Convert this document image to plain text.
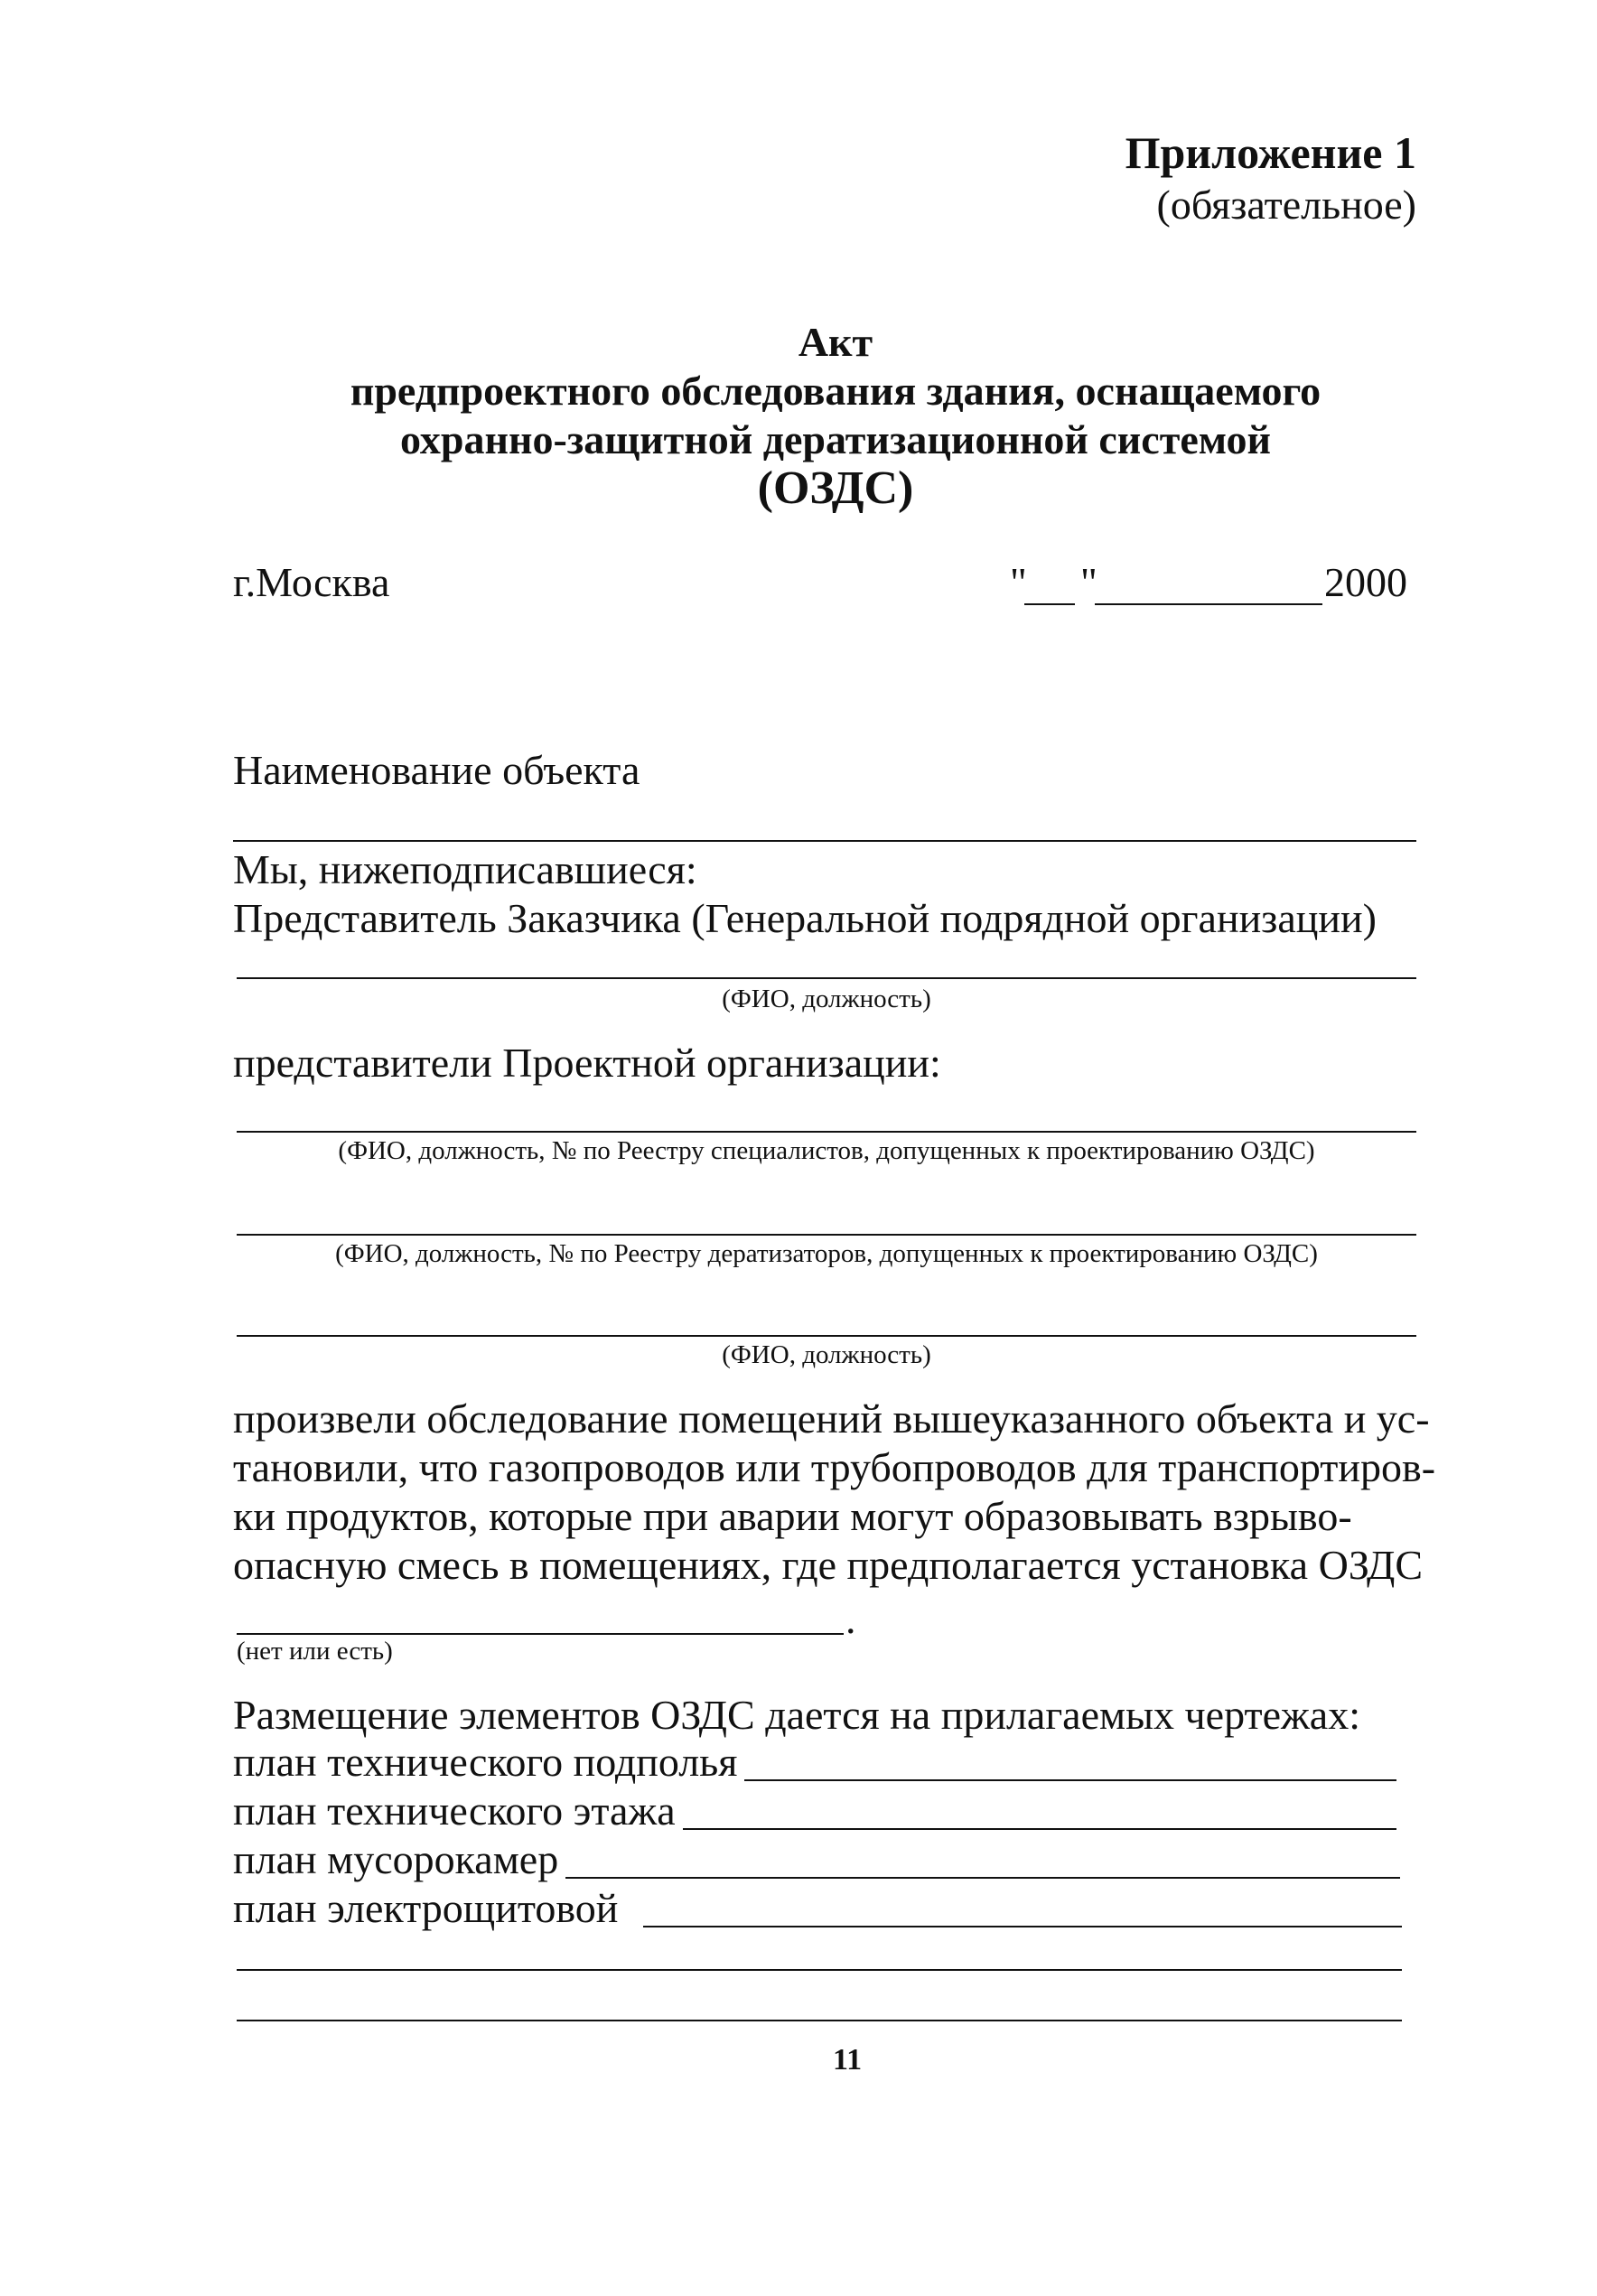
Приложение 1
(обязательное)
Акт
предпроектного обследования здания, оснащаемого
охранно-защитной дератизационной системой
(ОЗДС)
г.Москва	" "	2000
Наименование объекта
Мы, нижеподписавшиеся:
Представитель Заказчика (Генеральной подрядной организации)
(ФИО, должность)
представители Проектной организации:
(ФИО, должность, № по Реестру специалистов, допущенных к проектированию ОЗДС)
(ФИО, должность, № по Реестру дератизаторов, допущенных к проектированию ОЗДС)
(ФИО, должность)
произвели обследование помещений вышеуказанного объекта и ус-
тановили, что газопроводов или трубопроводов для транспортиров-
ки продуктов, которые при аварии могут образовывать взрыво-
опасную смесь в помещениях, где предполагается установка ОЗДС
.
(нет или есть)
Размещение элементов ОЗДС дается на прилагаемых чертежах:
план технического подполья
план технического этажа
план мусорокамер
план электрощитовой
11
